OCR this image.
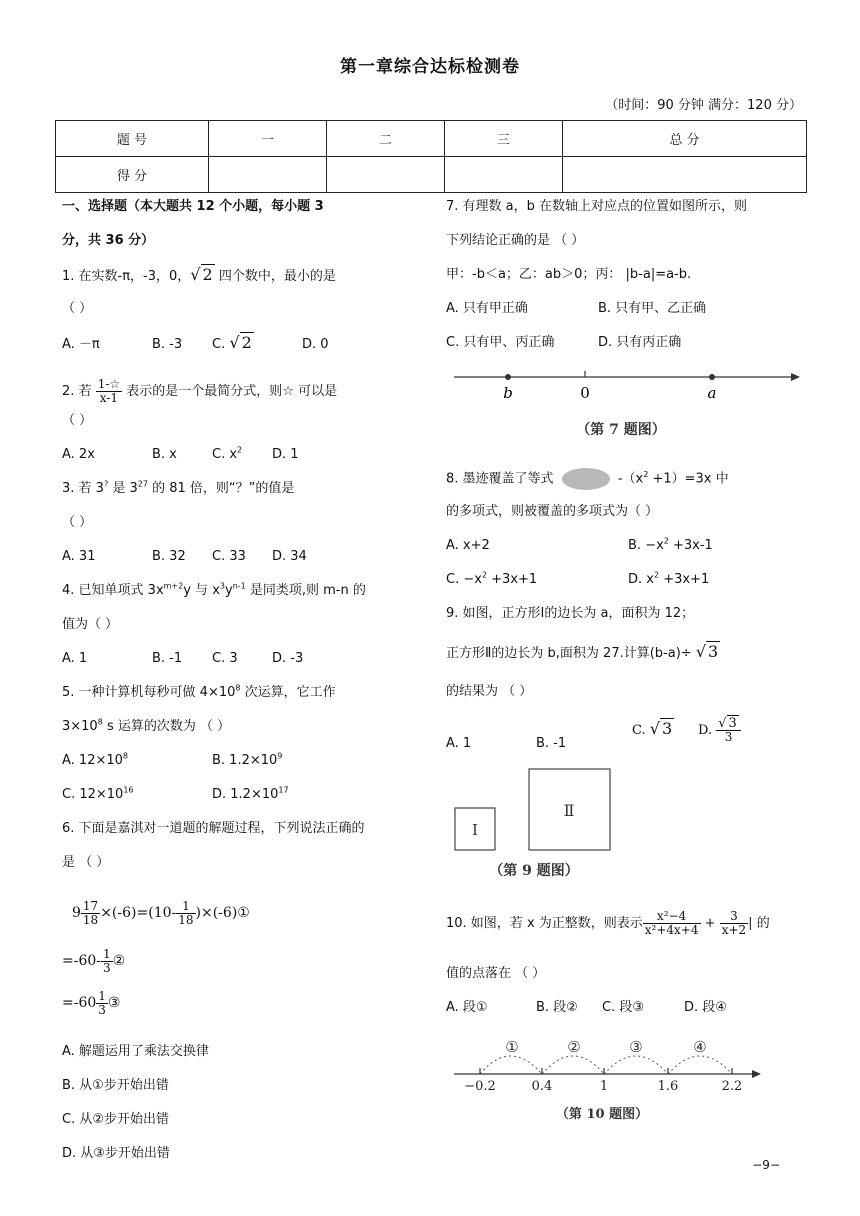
第一章综合达标检测卷
（时间：90 分钟 满分：120 分）
题 号	一	二	三	总 分
得 分				
一、选择题（本大题共 12 个小题，每小题 3
分，共 36 分）
1. 在实数-π，-3，0，√ 2 四个数中，最小的是
（ ）
A. －π	B. -3 C. √ 2	D. 0
2. 若 $\frac{1-☆}{x-1}$ 表示的是一个最简分式，则☆ 可以是
（ ）
A. 2x	B. x	C. $x^2$ D. 1
3. 若 3? 是 $3^{27}$ 的 81 倍，则“？”的值是
（ ）
A. 31	B. 32 C. 33 D. 34
4. 已知单项式 $3x^{m+2}y$ 与 $x^3y^{n-1}$ 是同类项,则 m-n 的
值为（ ）
A. 1	B. -1 C. 3	D. -3
5. 一种计算机每秒可做 $4\times 10^8$ 次运算，它工作
$3\times 10^8$ s 运算的次数为 （ ）
A. $12\times 10^8$	B. $1.2\times 10^9$
C. $12\times 10^{16}$	D. $1.2\times 10^{17}$
6. 下面是嘉淇对一道题的解题过程，下列说法正确的
是 （ ）
$9 \frac{17}{18} \times(-6)=(10- \frac{1}{18}$ )×(-6)①
$=-60- \frac{1}{3}$ ②
$=-60 \frac{1}{3}$ ③
A. 解题运用了乘法交换律
B. 从①步开始出错
C. 从②步开始出错
D. 从③步开始出错
7. 有理数 a，b 在数轴上对应点的位置如图所示，则
下列结论正确的是 （ ）
甲：-b＜a；乙：ab＞0；丙： |b-a|=a-b.
A. 只有甲正确	B. 只有甲、乙正确
C. 只有甲、丙正确	D. 只有丙正确
b	0	a
（第 7 题图）
8. 墨迹覆盖了等式	$-(x^2 +1)=3x$ 中
的多项式，则被覆盖的多项式为（ ）
A. x+2	B. $-x^2 +3x-1$
C. $-x^2 +3x+1$	D. $x^2 +3x+1$
9. 如图，正方形Ⅰ的边长为 a，面积为 12；
正方形Ⅱ的边长为 b,面积为 27.计算(b-a)÷ √ 3
的结果为 （ ）
A. 1	B. -1
C. √ 3 D. $\frac{√ 3}{3}$
Ⅰ
Ⅱ
（第 9 题图）
10. 如图，若 x 为正整数，则表示 $\frac{\text{x²−4}}{\text{x²+4x+4}} + \frac{3}{x+2}$ | 的
值的点落在 （ ）
A. 段①	B. 段② C. 段③	D. 段④
①	②	③	④
−0.2	0.4	1	1.6	2.2
（第 10 题图）
−9−
